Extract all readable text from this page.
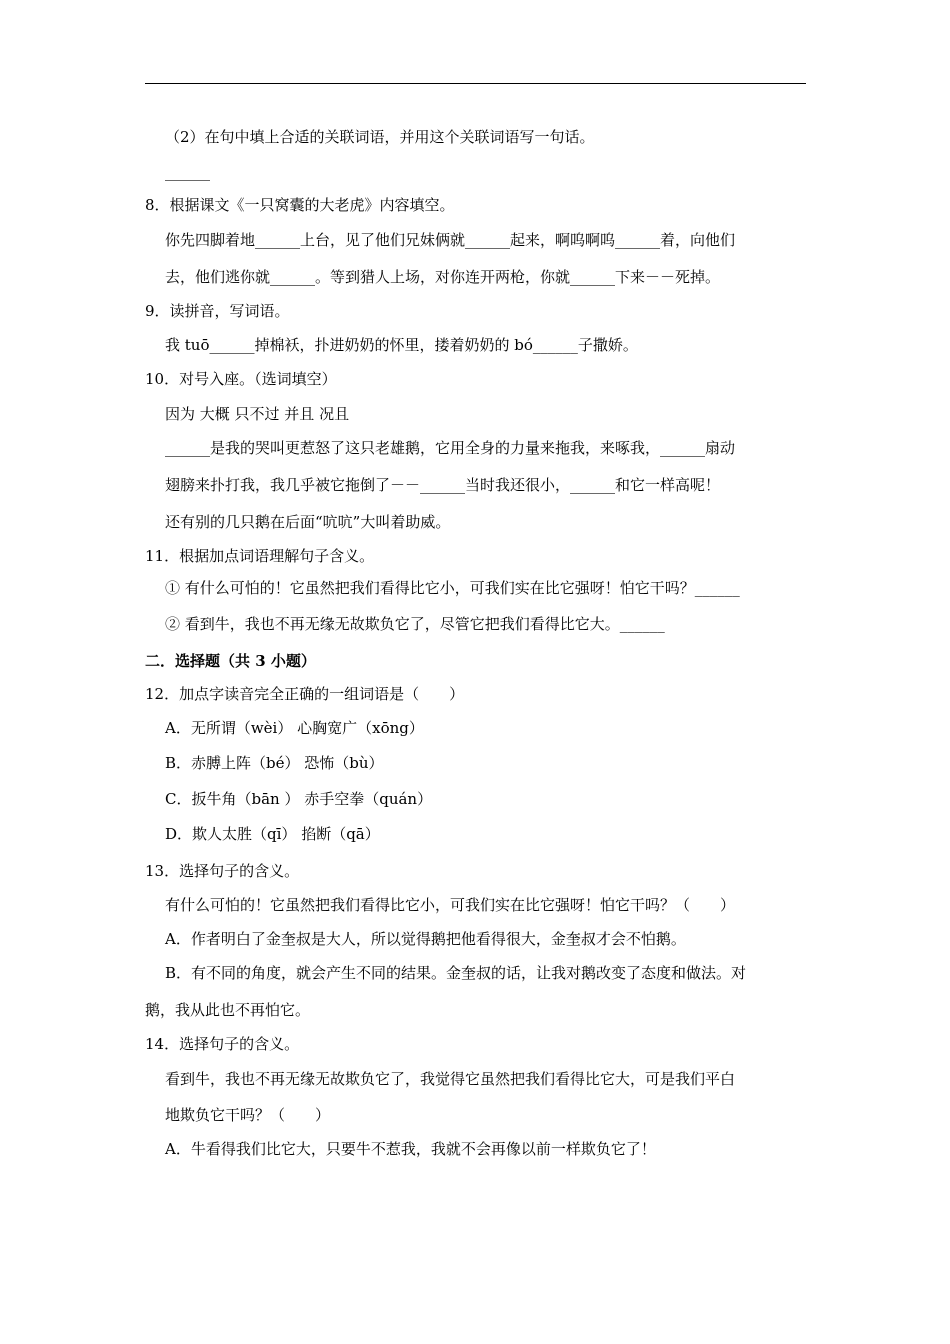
（2）在句中填上合适的关联词语，并用这个关联词语写一句话。
______
8．根据课文《一只窝囊的大老虎》内容填空。
你先四脚着地______上台，见了他们兄妹俩就______起来，啊呜啊呜______着，向他们
去，他们逃你就______。等到猎人上场，对你连开两枪，你就______下来－－死掉。
9．读拼音，写词语。
我 tuō______掉棉袄，扑进奶奶的怀里，搂着奶奶的 bó______子撒娇。
10．对号入座。（选词填空）
因为 大概 只不过 并且 况且
______是我的哭叫更惹怒了这只老雄鹅，它用全身的力量来拖我，来啄我，______扇动
翅膀来扑打我，我几乎被它拖倒了－－______当时我还很小，______和它一样高呢！
还有别的几只鹅在后面“吭吭”大叫着助威。
11．根据加点词语理解句子含义。
① 有什么可怕的！它虽然把我们看得比它小，可我们实在比它强呀！怕它干吗？______
② 看到牛，我也不再无缘无故欺负它了，尽管它把我们看得比它大。______
二．选择题（共 3 小题）
12．加点字读音完全正确的一组词语是（　　）
A．无所谓（wèi） 心胸宽广（xōng）
B．赤膊上阵（bé） 恐怖（bù）
C．扳牛角（bān ） 赤手空拳（quán）
D．欺人太胜（qī） 掐断（qā）
13．选择句子的含义。
有什么可怕的！它虽然把我们看得比它小，可我们实在比它强呀！怕它干吗？（　　）
A．作者明白了金奎叔是大人，所以觉得鹅把他看得很大，金奎叔才会不怕鹅。
B．有不同的角度，就会产生不同的结果。金奎叔的话，让我对鹅改变了态度和做法。对
鹅，我从此也不再怕它。
14．选择句子的含义。
看到牛，我也不再无缘无故欺负它了，我觉得它虽然把我们看得比它大，可是我们平白
地欺负它干吗？（　　）
A．牛看得我们比它大，只要牛不惹我，我就不会再像以前一样欺负它了！
